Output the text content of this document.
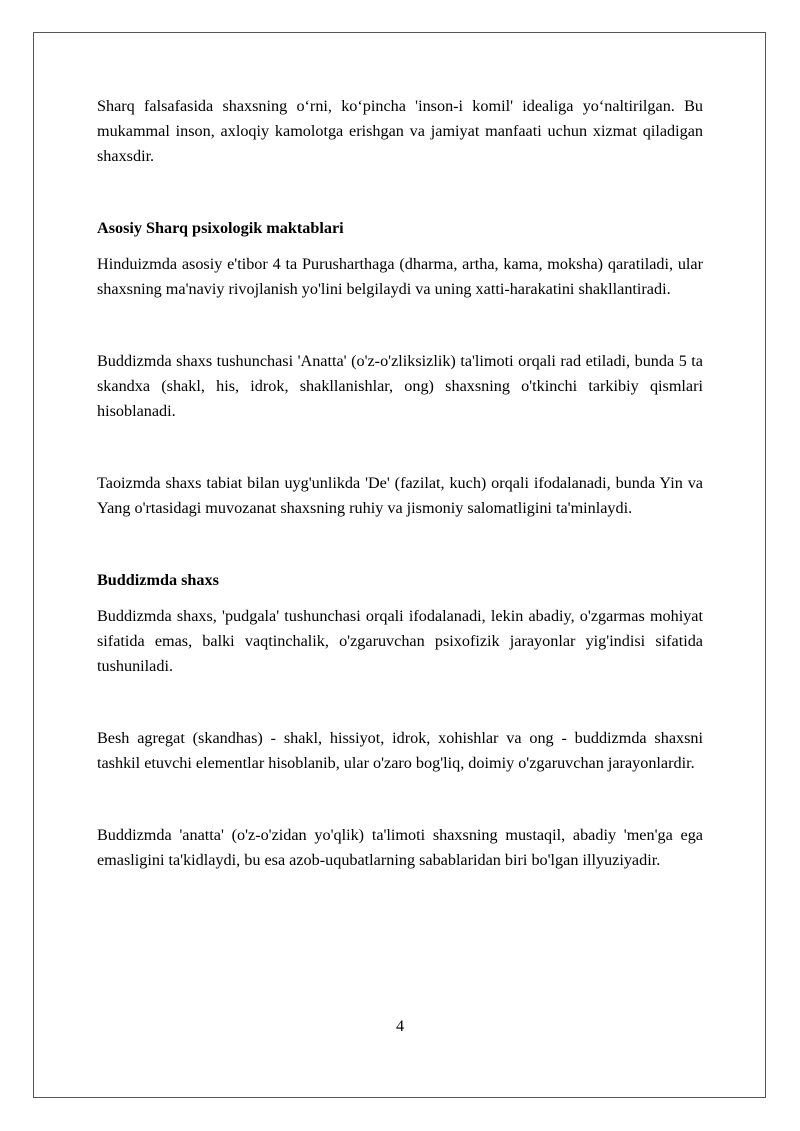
Sharq falsafasida shaxsning o‘rni, ko‘pincha 'inson-i komil' idealiga yo‘naltirilgan. Bu mukammal inson, axloqiy kamolotga erishgan va jamiyat manfaati uchun xizmat qiladigan shaxsdir.

Asosiy Sharq psixologik maktablari

Hinduizmda asosiy e'tibor 4 ta Purusharthaga (dharma, artha, kama, moksha) qaratiladi, ular shaxsning ma'naviy rivojlanish yo'lini belgilaydi va uning xatti-harakatini shakllantiradi.

Buddizmda shaxs tushunchasi 'Anatta' (o'z-o'zliksizlik) ta'limoti orqali rad etiladi, bunda 5 ta skandxa (shakl, his, idrok, shakllanishlar, ong) shaxsning o'tkinchi tarkibiy qismlari hisoblanadi.

Taoizmda shaxs tabiat bilan uyg'unlikda 'De' (fazilat, kuch) orqali ifodalanadi, bunda Yin va Yang o'rtasidagi muvozanat shaxsning ruhiy va jismoniy salomatligini ta'minlaydi.

Buddizmda shaxs

Buddizmda shaxs, 'pudgala' tushunchasi orqali ifodalanadi, lekin abadiy, o'zgarmas mohiyat sifatida emas, balki vaqtinchalik, o'zgaruvchan psixofizik jarayonlar yig'indisi sifatida tushuniladi.

Besh agregat (skandhas) - shakl, hissiyot, idrok, xohishlar va ong - buddizmda shaxsni tashkil etuvchi elementlar hisoblanib, ular o'zaro bog'liq, doimiy o'zgaruvchan jarayonlardir.

Buddizmda 'anatta' (o'z-o'zidan yo'qlik) ta'limoti shaxsning mustaqil, abadiy 'men'ga ega emasligini ta'kidlaydi, bu esa azob-uqubatlarning sabablaridan biri bo'lgan illyuziyadir.

4
